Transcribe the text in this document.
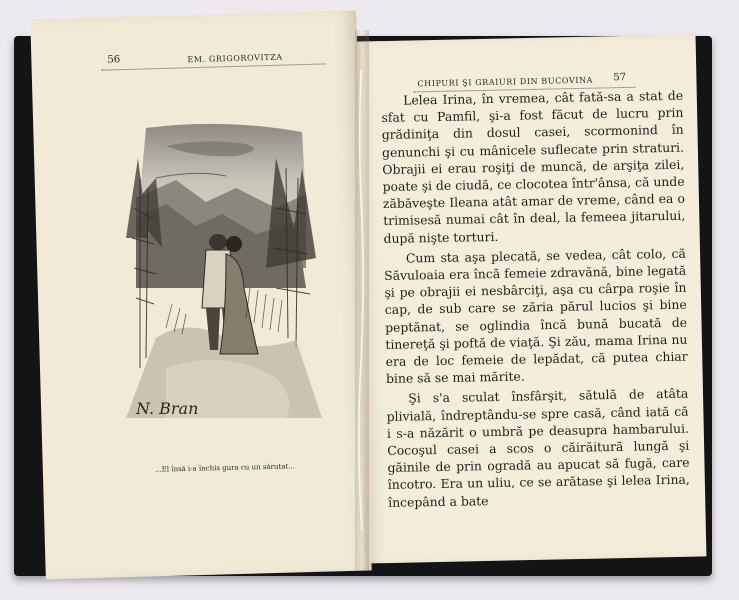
56	EM. GRIGOROVITZA
N. Bran
...El însă i-a închis gura cu un sărutat...
CHIPURI ŞI GRAIURI DIN BUCOVINA 57

Lelea Irina, în vremea, cât fată-sa a stat de sfat cu Pamfil, şi-a fost făcut de lucru prin grădiniţa din dosul casei, scormonind în genunchi şi cu mânicele suflecate prin straturi. Obrajii ei erau roşiţi de muncă, de arşiţa zilei, poate şi de ciudă, ce clocotea într'ânsa, că unde zăbăveşte Ileana atât amar de vreme, când ea o trimisesă numai cât în deal, la femeea jitarului, după nişte torturi.

Cum sta aşa plecată, se vedea, cât colo, că Săvuloaia era încă femeie zdravănă, bine legată şi pe obrajii ei nesbârciţi, aşa cu cârpa roşie în cap, de sub care se zăria părul lucios şi bine peptănat, se oglindia încă bună bucată de tinereţă şi poftă de viaţă. Şi zău, mama Irina nu era de loc femeie de lepădat, că putea chiar bine să se mai mărite.

Şi s'a sculat însfârşit, sătulă de atâta plivială, îndreptându-se spre casă, când iată că i s-a năzărit o umbră pe deasupra hambarului. Cocoşul casei a scos o căirăitură lungă şi găinile de prin ogradă au apucat să fugă, care încotro. Era un uliu, ce se arătase şi lelea Irina, începând a bate
